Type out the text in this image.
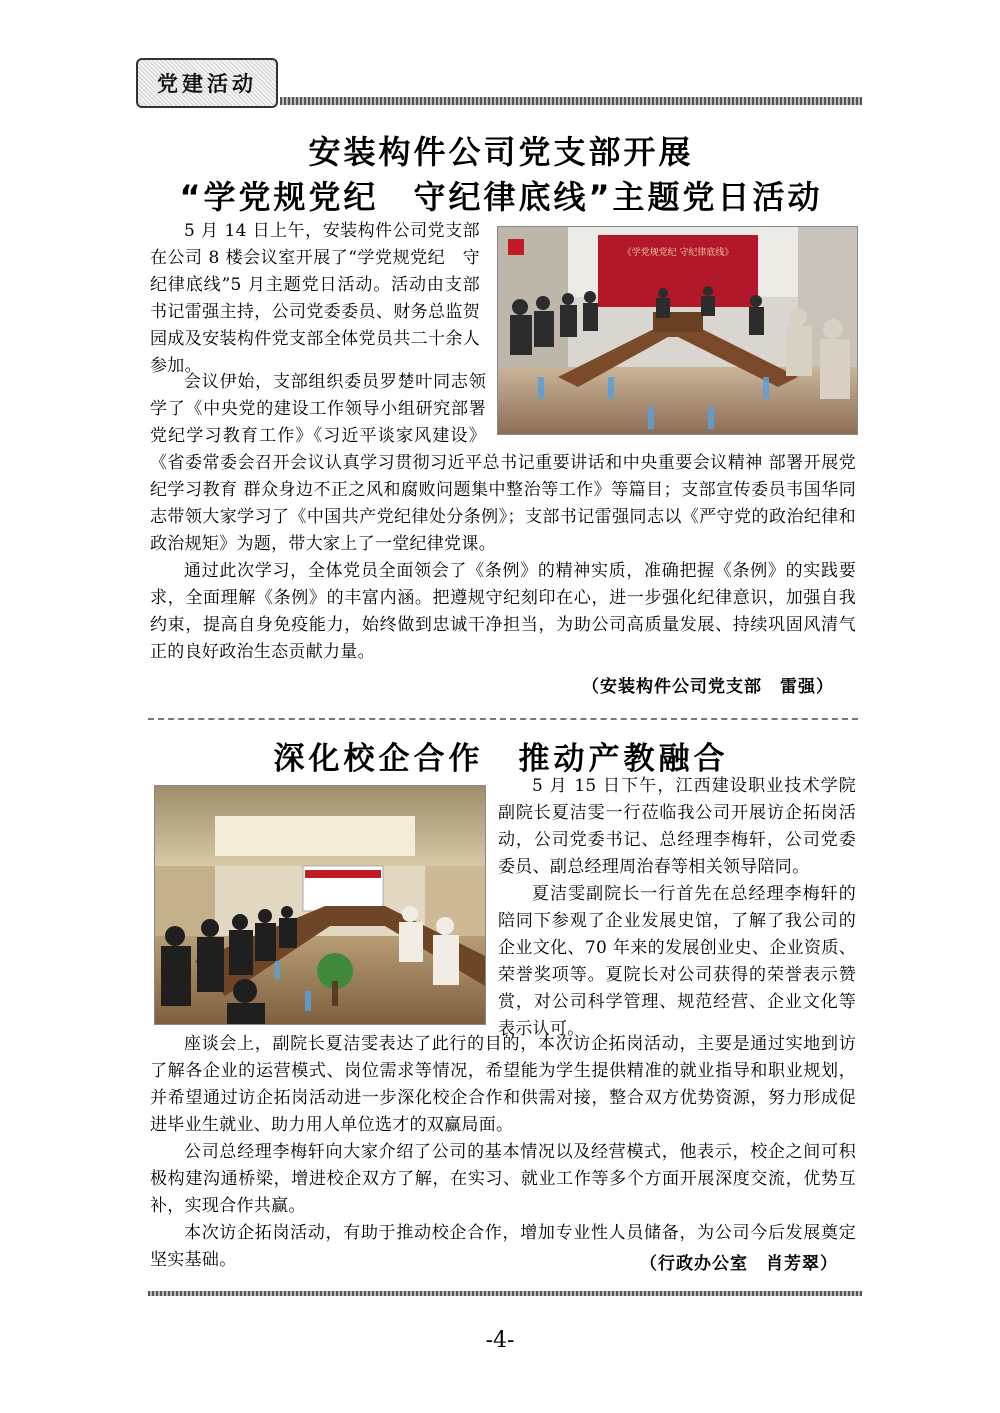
党建活动
安装构件公司党支部开展
“学党规党纪　守纪律底线”主题党日活动
《学党规党纪 守纪律底线》

5 月 14 日上午，安装构件公司党支部在公司 8 楼会议室开展了“学党规党纪　守纪律底线”5 月主题党日活动。活动由支部书记雷强主持，公司党委委员、财务总监贺园成及安装构件党支部全体党员共二十余人参加。

会议伊始，支部组织委员罗楚叶同志领学了《中央党的建设工作领导小组研究部署党纪学习教育工作》《习近平谈家风建设》《省委常委会召开会议认真学习贯彻习近平总书记重要讲话和中央重要会议精神 部署开展党纪学习教育 群众身边不正之风和腐败问题集中整治等工作》等篇目；支部宣传委员韦国华同志带领大家学习了《中国共产党纪律处分条例》；支部书记雷强同志以《严守党的政治纪律和政治规矩》为题，带大家上了一堂纪律党课。

通过此次学习，全体党员全面领会了《条例》的精神实质，准确把握《条例》的实践要求，全面理解《条例》的丰富内涵。把遵规守纪刻印在心，进一步强化纪律意识，加强自我约束，提高自身免疫能力，始终做到忠诚干净担当，为助公司高质量发展、持续巩固风清气正的良好政治生态贡献力量。

（安装构件公司党支部　雷强）
深化校企合作　推动产教融合

5 月 15 日下午，江西建设职业技术学院副院长夏洁雯一行莅临我公司开展访企拓岗活动，公司党委书记、总经理李梅轩，公司党委委员、副总经理周治春等相关领导陪同。

夏洁雯副院长一行首先在总经理李梅轩的陪同下参观了企业发展史馆，了解了我公司的企业文化、70 年来的发展创业史、企业资质、荣誉奖项等。夏院长对公司获得的荣誉表示赞赏，对公司科学管理、规范经营、企业文化等表示认可。

座谈会上，副院长夏洁雯表达了此行的目的，本次访企拓岗活动，主要是通过实地到访了解各企业的运营模式、岗位需求等情况，希望能为学生提供精准的就业指导和职业规划，并希望通过访企拓岗活动进一步深化校企合作和供需对接，整合双方优势资源，努力形成促进毕业生就业、助力用人单位选才的双赢局面。

公司总经理李梅轩向大家介绍了公司的基本情况以及经营模式，他表示，校企之间可积极构建沟通桥梁，增进校企双方了解，在实习、就业工作等多个方面开展深度交流，优势互补，实现合作共赢。

本次访企拓岗活动，有助于推动校企合作，增加专业性人员储备，为公司今后发展奠定坚实基础。	（行政办公室　肖芳翠）
-4-
